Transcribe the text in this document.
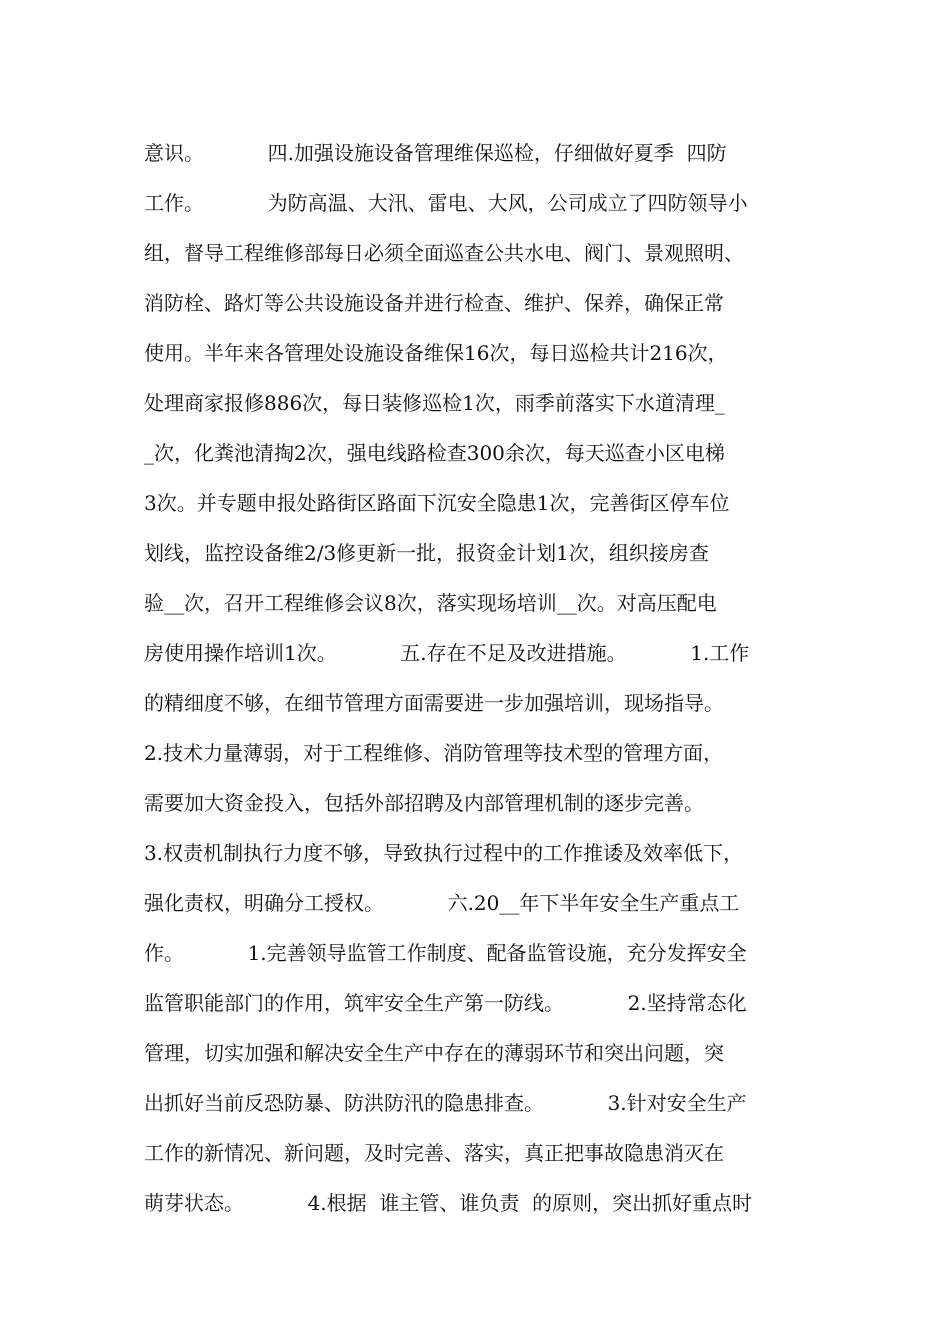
意识。          四.加强设施设备管理维保巡检，仔细做好夏季  四防
工作。          为防高温、大汛、雷电、大风，公司成立了四防领导小
组，督导工程维修部每日必须全面巡查公共水电、阀门、景观照明、
消防栓、路灯等公共设施设备并进行检查、维护、保养，确保正常
使用。半年来各管理处设施设备维保16次，每日巡检共计216次，
处理商家报修886次，每日装修巡检1次，雨季前落实下水道清理_
_次，化粪池清掏2次，强电线路检查300余次，每天巡查小区电梯
3次。并专题申报处路街区路面下沉安全隐患1次，完善街区停车位
划线，监控设备维2/3修更新一批，报资金计划1次，组织接房查
验__次，召开工程维修会议8次，落实现场培训__次。对高压配电
房使用操作培训1次。          五.存在不足及改进措施。          1.工作
的精细度不够，在细节管理方面需要进一步加强培训，现场指导。
2.技术力量薄弱，对于工程维修、消防管理等技术型的管理方面，
需要加大资金投入，包括外部招聘及内部管理机制的逐步完善。
3.权责机制执行力度不够，导致执行过程中的工作推诿及效率低下，
强化责权，明确分工授权。          六.20__年下半年安全生产重点工
作。          1.完善领导监管工作制度、配备监管设施，充分发挥安全
监管职能部门的作用，筑牢安全生产第一防线。          2.坚持常态化
管理，切实加强和解决安全生产中存在的薄弱环节和突出问题，突
出抓好当前反恐防暴、防洪防汛的隐患排查。          3.针对安全生产
工作的新情况、新问题，及时完善、落实，真正把事故隐患消灭在
萌芽状态。          4.根据  谁主管、谁负责  的原则，突出抓好重点时
